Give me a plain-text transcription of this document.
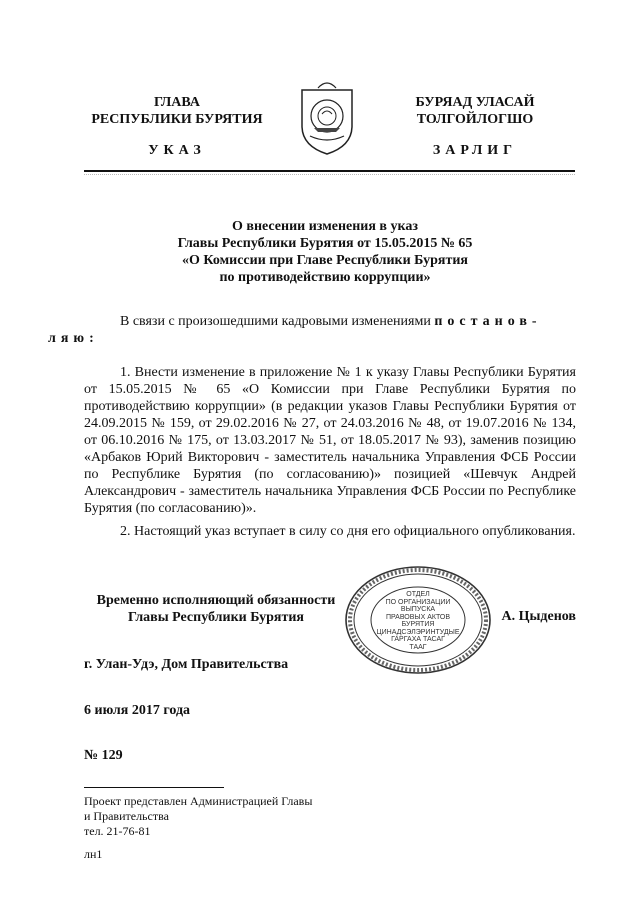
ГЛАВА
РЕСПУБЛИКИ БУРЯТИЯ
УКАЗ
БУРЯАД УЛАСАЙ
ТОЛГОЙЛОГШО
ЗАРЛИГ
О внесении изменения в указ
Главы Республики Бурятия от 15.05.2015 № 65
«О Комиссии при Главе Республики Бурятия
по противодействию коррупции»
В связи с произошедшими кадровыми изменениями постанов-
ляю:
1. Внести изменение в приложение № 1 к указу Главы Республики Бурятия от 15.05.2015 № 65 «О Комиссии при Главе Республики Бурятия по противодействию коррупции» (в редакции указов Главы Республики Бурятия от 24.09.2015 № 159, от 29.02.2016 № 27, от 24.03.2016 № 48, от 19.07.2016 № 134, от 06.10.2016 № 175, от 13.03.2017 № 51, от 18.05.2017 № 93), заменив позицию «Арбаков Юрий Викторович - заместитель начальника Управления ФСБ России по Республике Бурятия (по согласованию)» позицией «Шевчук Андрей Александрович - заместитель начальника Управления ФСБ России по Республике Бурятия (по согласованию)».
2. Настоящий указ вступает в силу со дня его официального опубликования.
Временно исполняющий обязанности
Главы Республики Бурятия
ОТДЕЛ
ПО ОРГАНИЗАЦИИ
ВЫПУСКА
ПРАВОВЫХ АКТОВ
БУРЯТИЯ
ЦИНАДСЭЛЭРИНТУДЫЕ
ГАРГАХА ТАСАГ
ТААГ
А. Цыденов
г. Улан-Удэ, Дом Правительства
6 июля 2017 года
№ 129
Проект представлен Администрацией Главы
и Правительства
тел. 21-76-81
лн1
